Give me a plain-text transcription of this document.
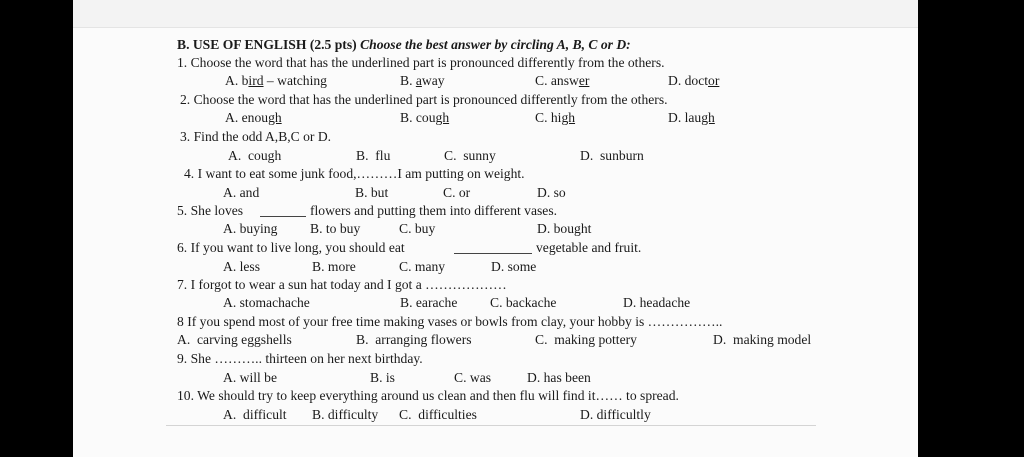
B. USE OF ENGLISH (2.5 pts) Choose the best answer by circling A, B, C or D:
1. Choose the word that has the underlined part is pronounced differently from the others.
A. bird – watching	B. away	C. answer	D. doctor
2. Choose the word that has the underlined part is pronounced differently from the others.
A. enough	B. cough	C. high	D. laugh
3. Find the odd A,B,C or D.
A. cough	B. flu	C. sunny	D. sunburn
4. I want to eat some junk food,………I am putting on weight.
A. and	B. but	C. or	D. so
5. She loves	flowers and putting them into different vases.
A. buying B. to buy	C. buy	D. bought
6. If you want to live long, you should eat	vegetable and fruit.
A. less	B. more	C. many	D. some
7. I forgot to wear a sun hat today and I got a ………………
A. stomachache	B. earache C. backache	D. headache
8 If you spend most of your free time making vases or bowls from clay, your hobby is ……………..
A. carving eggshells	B. arranging flowers	C. making pottery	D. making model
9. She ……….. thirteen on her next birthday.
A. will be	B. is	C. was	D. has been
10. We should try to keep everything around us clean and then flu will find it…… to spread.
A. difficult B. difficulty C. difficulties	D. difficultly
